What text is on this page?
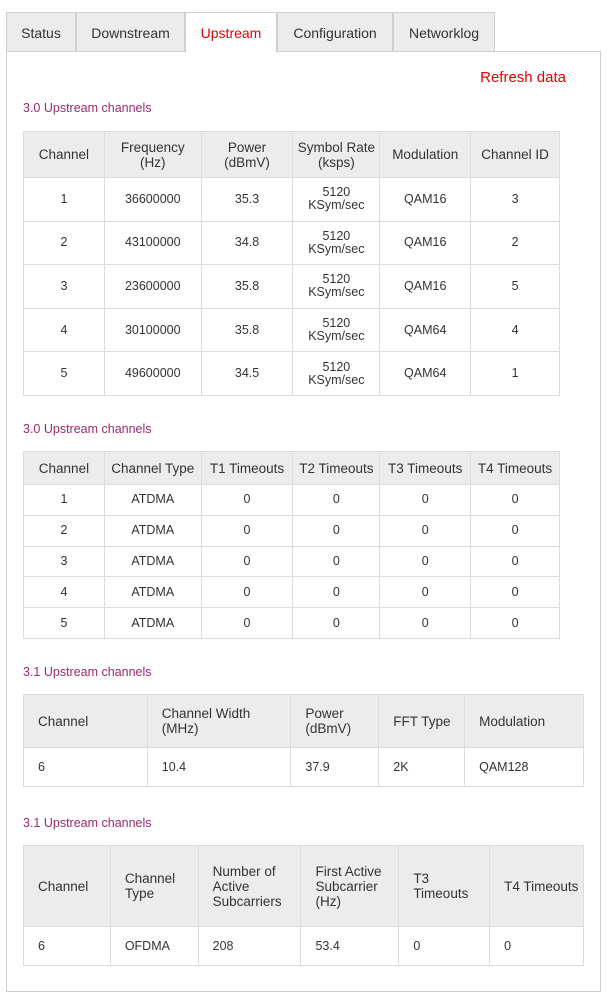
Status	Downstream	Upstream	Configuration	Networklog
Refresh data
3.0 Upstream channels
Channel	Frequency (Hz)	Power (dBmV)	Symbol Rate (ksps)	Modulation	Channel ID
1	36600000	35.3	5120 KSym/sec	QAM16	3
2	43100000	34.8	5120 KSym/sec	QAM16	2
3	23600000	35.8	5120 KSym/sec	QAM16	5
4	30100000	35.8	5120 KSym/sec	QAM64	4
5	49600000	34.5	5120 KSym/sec	QAM64	1
3.0 Upstream channels
Channel	Channel Type	T1 Timeouts	T2 Timeouts	T3 Timeouts	T4 Timeouts
1	ATDMA	0	0	0	0
2	ATDMA	0	0	0	0
3	ATDMA	0	0	0	0
4	ATDMA	0	0	0	0
5	ATDMA	0	0	0	0
3.1 Upstream channels
Channel	Channel Width (MHz)	Power (dBmV)	FFT Type	Modulation
6	10.4	37.9	2K	QAM128
3.1 Upstream channels
Channel	Channel Type	Number of Active Subcarriers	First Active Subcarrier (Hz)	T3 Timeouts	T4 Timeouts
6	OFDMA	208	53.4	0	0
